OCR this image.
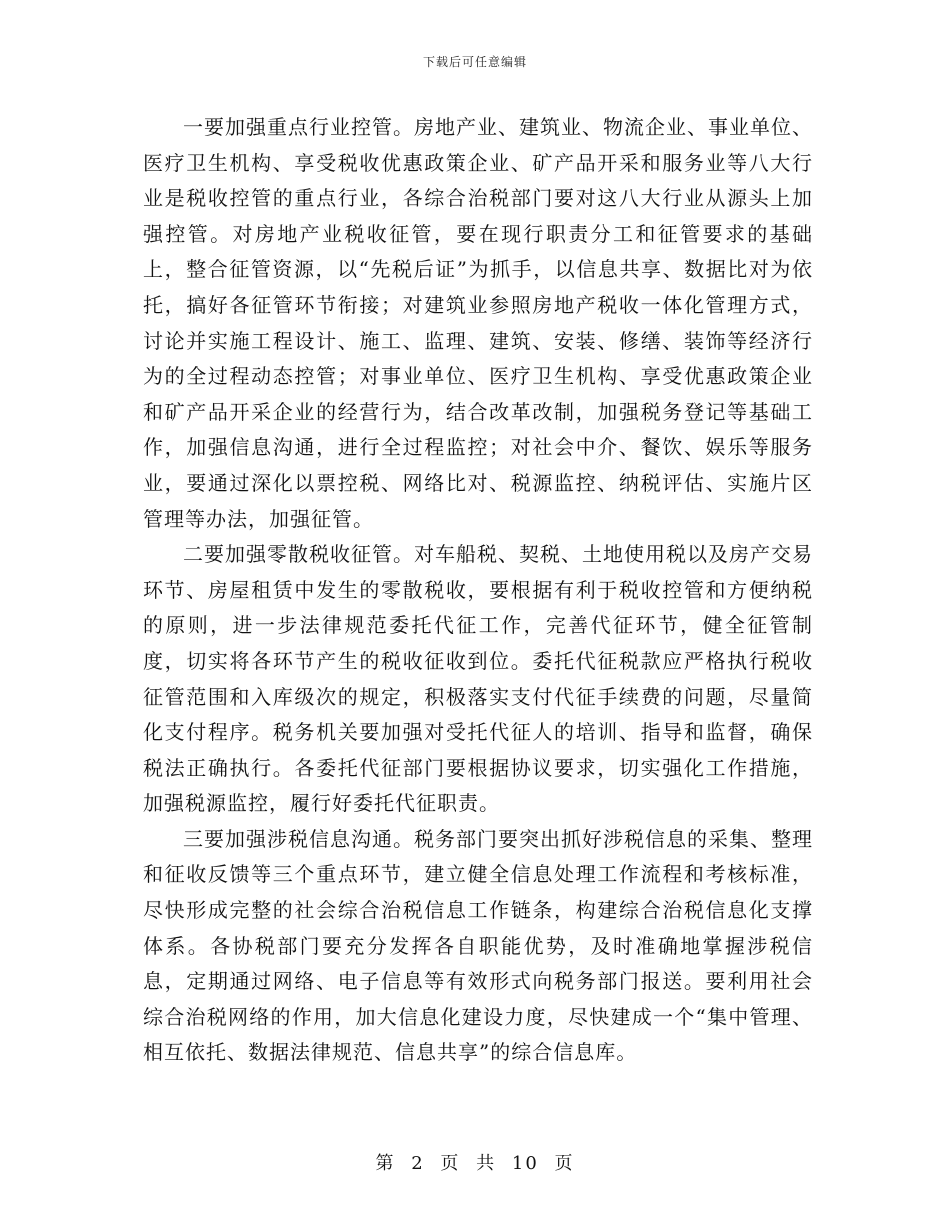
下载后可任意编辑

一要加强重点行业控管。房地产业、建筑业、物流企业、事业单位、医疗卫生机构、享受税收优惠政策企业、矿产品开采和服务业等八大行业是税收控管的重点行业，各综合治税部门要对这八大行业从源头上加强控管。对房地产业税收征管，要在现行职责分工和征管要求的基础上，整合征管资源，以“先税后证”为抓手，以信息共享、数据比对为依托，搞好各征管环节衔接；对建筑业参照房地产税收一体化管理方式，讨论并实施工程设计、施工、监理、建筑、安装、修缮、装饰等经济行为的全过程动态控管；对事业单位、医疗卫生机构、享受优惠政策企业和矿产品开采企业的经营行为，结合改革改制，加强税务登记等基础工作，加强信息沟通，进行全过程监控；对社会中介、餐饮、娱乐等服务业，要通过深化以票控税、网络比对、税源监控、纳税评估、实施片区管理等办法，加强征管。

二要加强零散税收征管。对车船税、契税、土地使用税以及房产交易环节、房屋租赁中发生的零散税收，要根据有利于税收控管和方便纳税的原则，进一步法律规范委托代征工作，完善代征环节，健全征管制度，切实将各环节产生的税收征收到位。委托代征税款应严格执行税收征管范围和入库级次的规定，积极落实支付代征手续费的问题，尽量简化支付程序。税务机关要加强对受托代征人的培训、指导和监督，确保税法正确执行。各委托代征部门要根据协议要求，切实强化工作措施，加强税源监控，履行好委托代征职责。

三要加强涉税信息沟通。税务部门要突出抓好涉税信息的采集、整理和征收反馈等三个重点环节，建立健全信息处理工作流程和考核标准，尽快形成完整的社会综合治税信息工作链条，构建综合治税信息化支撑体系。各协税部门要充分发挥各自职能优势，及时准确地掌握涉税信息，定期通过网络、电子信息等有效形式向税务部门报送。要利用社会综合治税网络的作用，加大信息化建设力度，尽快建成一个“集中管理、相互依托、数据法律规范、信息共享”的综合信息库。

第 2 页 共 10 页
